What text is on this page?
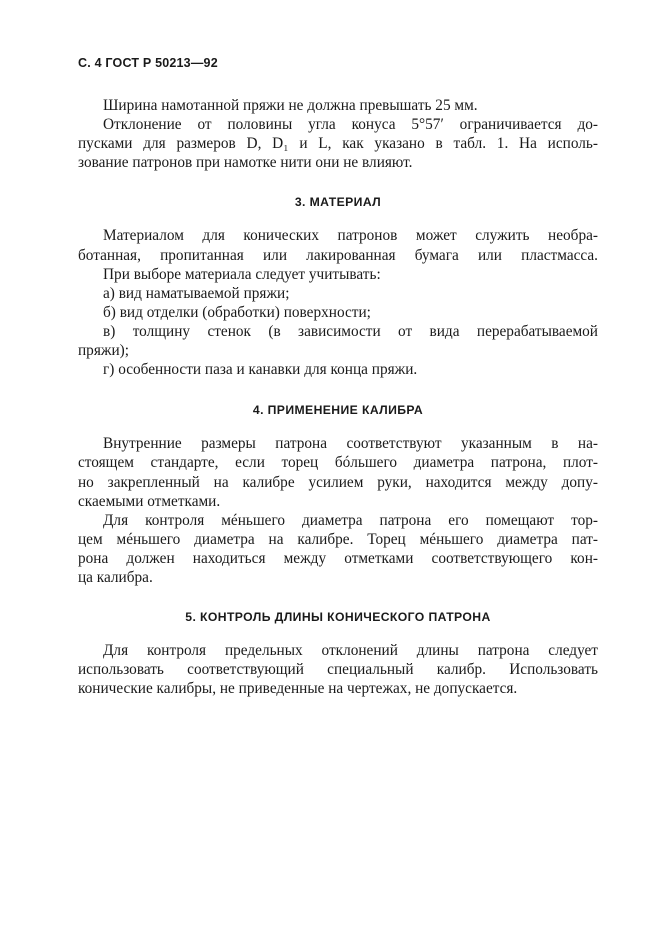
С. 4 ГОСТ Р 50213—92

Ширина намотанной пряжи не должна превышать 25 мм.

Отклонение от половины угла конуса 5°57′ ограничивается до-
пусками для размеров D, D₁ и L, как указано в табл. 1. На исполь-
зование патронов при намотке нити они не влияют.

3. МАТЕРИАЛ

Материалом для конических патронов может служить необра-
ботанная, пропитанная или лакированная бумага или пластмасса.

При выборе материала следует учитывать:

а) вид наматываемой пряжи;

б) вид отделки (обработки) поверхности;

в) толщину стенок (в зависимости от вида перерабатываемой
пряжи);

г) особенности паза и канавки для конца пряжи.

4. ПРИМЕНЕНИЕ КАЛИБРА

Внутренние размеры патрона соответствуют указанным в на-
стоящем стандарте, если торец бóльшего диаметра патрона, плот-
но закрепленный на калибре усилием руки, находится между допу-
скаемыми отметками.

Для контроля мéньшего диаметра патрона его помещают тор-
цем мéньшего диаметра на калибре. Торец мéньшего диаметра пат-
рона должен находиться между отметками соответствующего кон-
ца калибра.

5. КОНТРОЛЬ ДЛИНЫ КОНИЧЕСКОГО ПАТРОНА

Для контроля предельных отклонений длины патрона следует
использовать соответствующий специальный калибр. Использовать
конические калибры, не приведенные на чертежах, не допускается.
